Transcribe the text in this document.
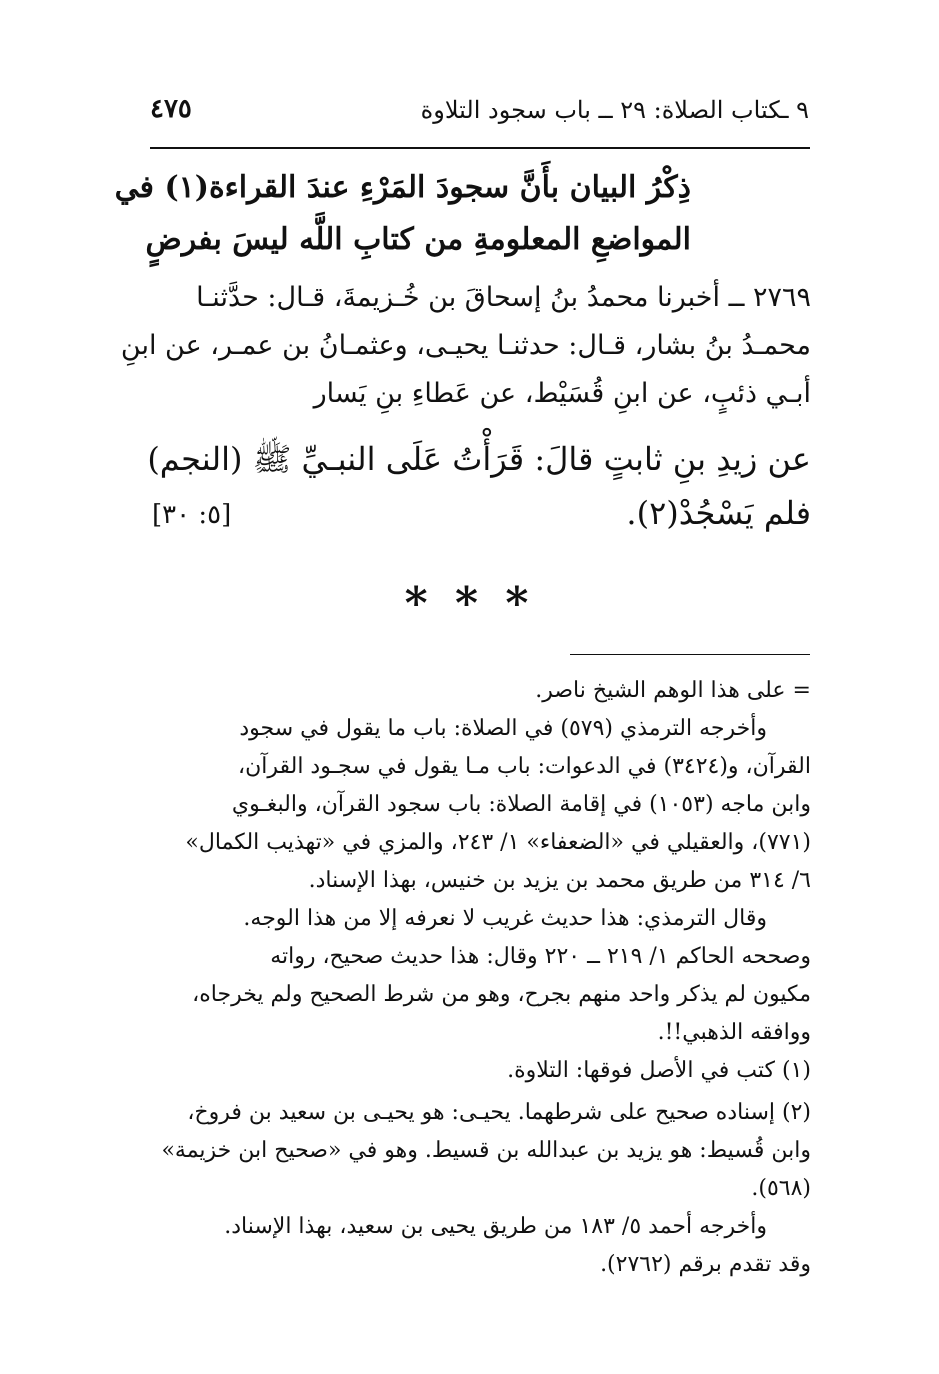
٩ ـكتاب الصلاة: ٢٩ ــ باب سجود التلاوة
٤٧٥
ذِكْرُ البيان بأَنَّ سجودَ المَرْءِ عندَ القراءة(١) في
المواضعِ المعلومةِ من كتابِ اللَّه ليسَ بفرضٍ
٢٧٦٩ ــ أخبرنا محمدُ بنُ إسحاقَ بن خُـزيمةَ، قـال: حدَّثنـا
محمـدُ بنُ بشار، قـال: حدثنـا يحيـى، وعثمـانُ بن عمـر، عن ابنِ
أبـي ذئبٍ، عن ابنِ قُسَيْط، عن عَطاءِ بنِ يَسار
عن زيدِ بنِ ثابتٍ قالَ: قَرَأْتُ عَلَى النبـيِّ ﷺ (النجم)
فلم يَسْجُدْ(٢).
[٥: ٣٠]
* * *
= على هذا الوهم الشيخ ناصر.
وأخرجه الترمذي (٥٧٩) في الصلاة: باب ما يقول في سجود
القرآن، و(٣٤٢٤) في الدعوات: باب مـا يقول في سجـود القرآن،
وابن ماجه (١٠٥٣) في إقامة الصلاة: باب سجود القرآن، والبغـوي
(٧٧١)، والعقيلي في «الضعفاء» ١/ ٢٤٣، والمزي في «تهذيب الكمال»
٦/ ٣١٤ من طريق محمد بن يزيد بن خنيس، بهذا الإسناد.
وقال الترمذي: هذا حديث غريب لا نعرفه إلا من هذا الوجه.
وصححه الحاكم ١/ ٢١٩ ــ ٢٢٠ وقال: هذا حديث صحيح، رواته
مكيون لم يذكر واحد منهم بجرح، وهو من شرط الصحيح ولم يخرجاه،
ووافقه الذهبي!!.
(١) كتب في الأصل فوقها: التلاوة.
(٢) إسناده صحيح على شرطهما. يحيـى: هو يحيـى بن سعيد بن فروخ،
وابن قُسيط: هو يزيد بن عبدالله بن قسيط. وهو في «صحيح ابن خزيمة»
(٥٦٨).
وأخرجه أحمد ٥/ ١٨٣ من طريق يحيى بن سعيد، بهذا الإسناد.
وقد تقدم برقم (٢٧٦٢).
